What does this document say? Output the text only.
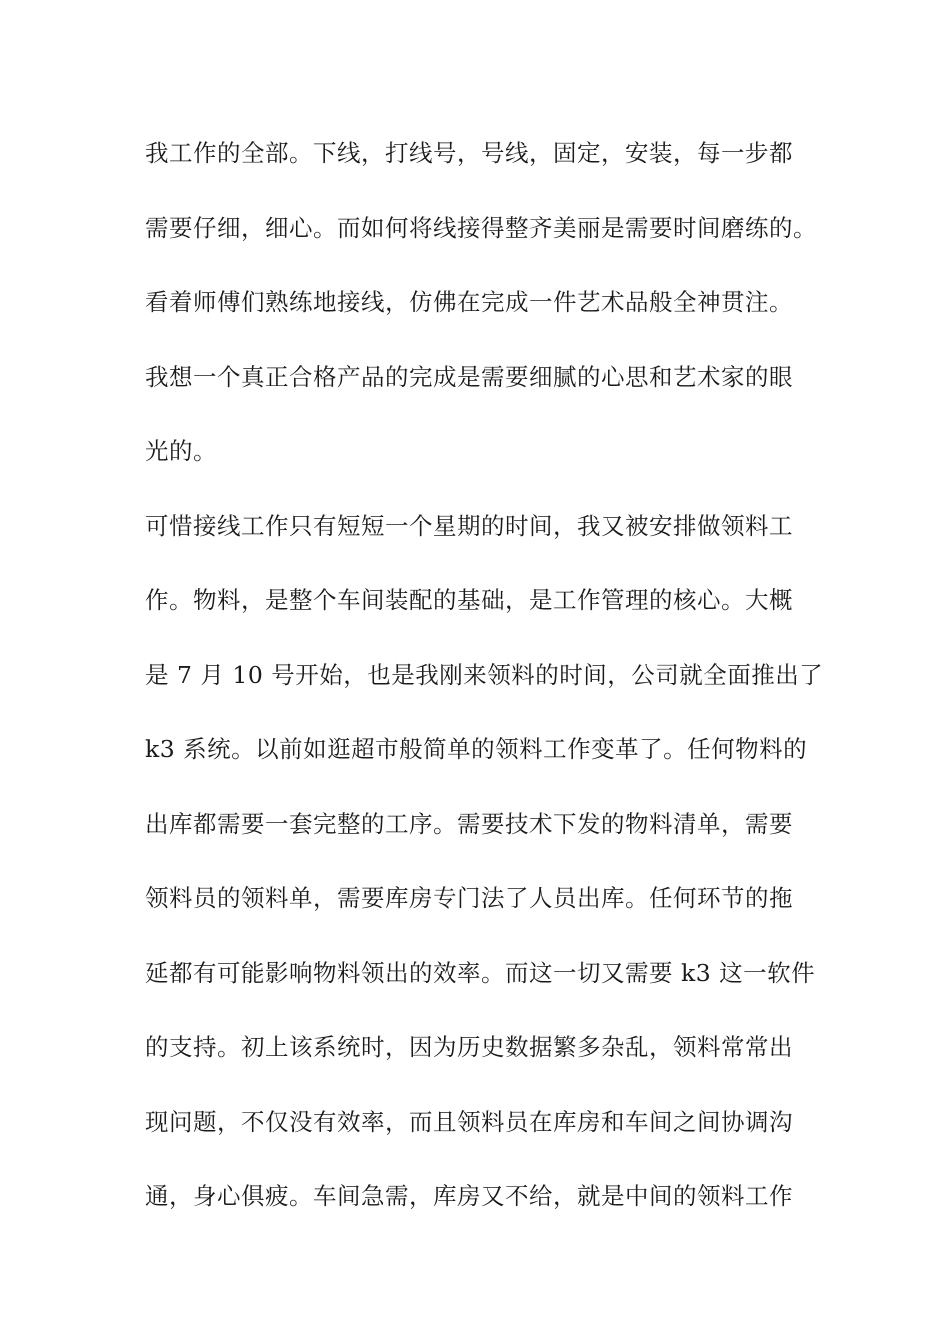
我工作的全部。下线，打线号，号线，固定，安装，每一步都
需要仔细，细心。而如何将线接得整齐美丽是需要时间磨练的。
看着师傅们熟练地接线，仿佛在完成一件艺术品般全神贯注。
我想一个真正合格产品的完成是需要细腻的心思和艺术家的眼
光的。
可惜接线工作只有短短一个星期的时间，我又被安排做领料工
作。物料，是整个车间装配的基础，是工作管理的核心。大概
是 7 月 10 号开始，也是我刚来领料的时间，公司就全面推出了
k3 系统。以前如逛超市般简单的领料工作变革了。任何物料的
出库都需要一套完整的工序。需要技术下发的物料清单，需要
领料员的领料单，需要库房专门法了人员出库。任何环节的拖
延都有可能影响物料领出的效率。而这一切又需要 k3 这一软件
的支持。初上该系统时，因为历史数据繁多杂乱，领料常常出
现问题，不仅没有效率，而且领料员在库房和车间之间协调沟
通，身心俱疲。车间急需，库房又不给，就是中间的领料工作
